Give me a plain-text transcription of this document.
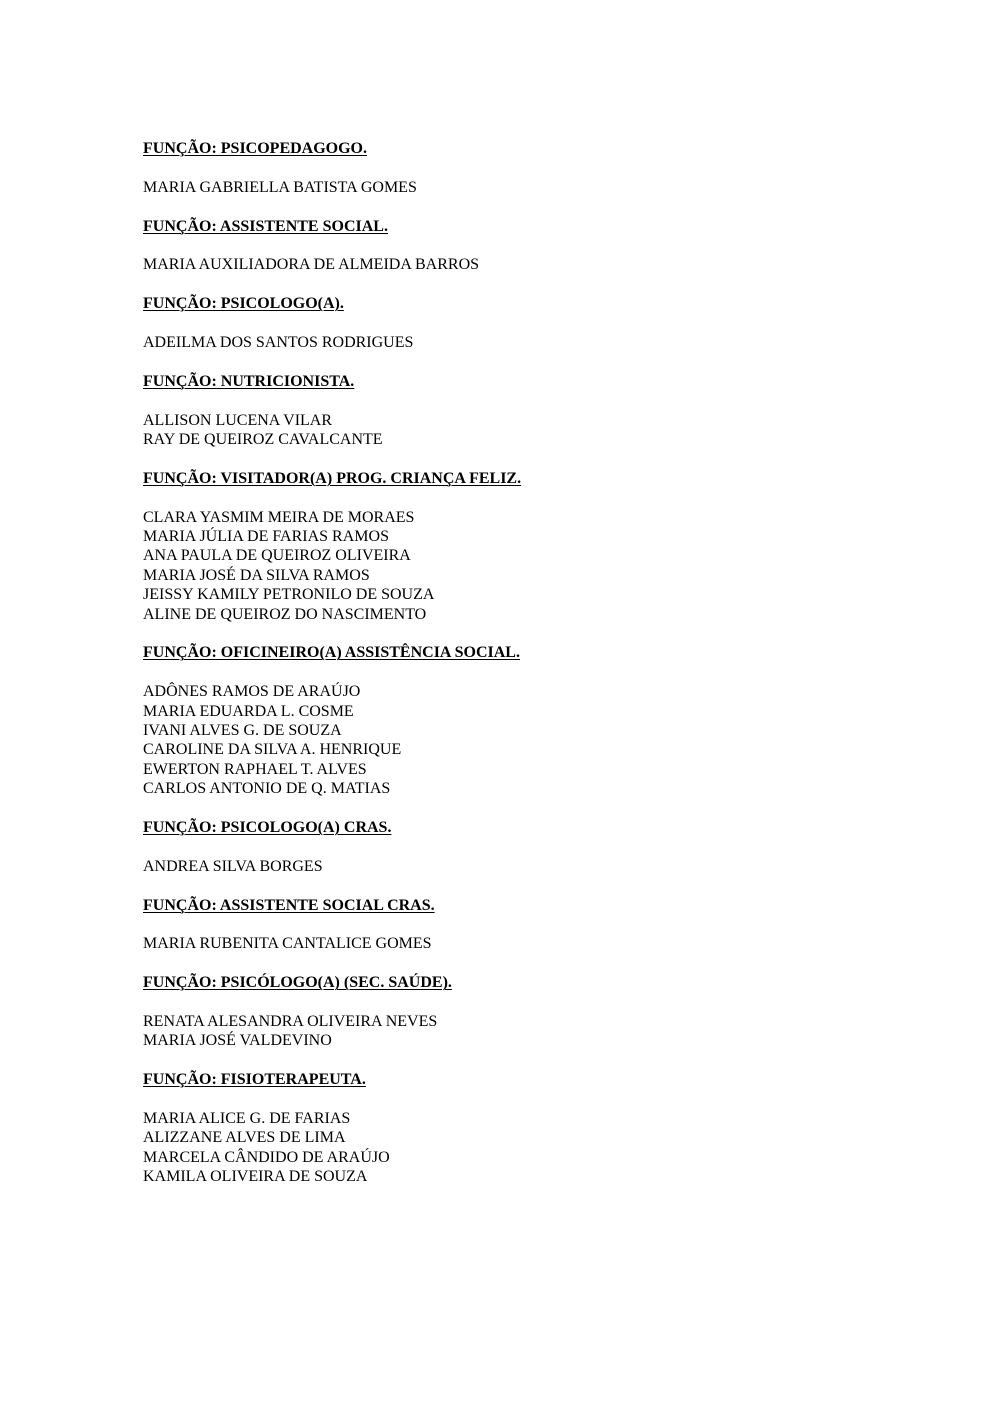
FUNÇÃO: PSICOPEDAGOGO.
MARIA GABRIELLA BATISTA GOMES
FUNÇÃO: ASSISTENTE SOCIAL.
MARIA AUXILIADORA DE ALMEIDA BARROS
FUNÇÃO: PSICOLOGO(A).
ADEILMA DOS SANTOS RODRIGUES
FUNÇÃO: NUTRICIONISTA.
ALLISON LUCENA VILAR
RAY DE QUEIROZ CAVALCANTE
FUNÇÃO: VISITADOR(A) PROG. CRIANÇA FELIZ.
CLARA YASMIM MEIRA DE MORAES
MARIA JÚLIA DE FARIAS RAMOS
ANA PAULA DE QUEIROZ OLIVEIRA
MARIA JOSÉ DA SILVA RAMOS
JEISSY KAMILY PETRONILO DE SOUZA
ALINE DE QUEIROZ DO NASCIMENTO
FUNÇÃO: OFICINEIRO(A) ASSISTÊNCIA SOCIAL.
ADÔNES RAMOS DE ARAÚJO
MARIA EDUARDA L. COSME
IVANI ALVES G. DE SOUZA
CAROLINE DA SILVA A. HENRIQUE
EWERTON RAPHAEL T. ALVES
CARLOS ANTONIO DE Q. MATIAS
FUNÇÃO: PSICOLOGO(A) CRAS.
ANDREA SILVA BORGES
FUNÇÃO: ASSISTENTE SOCIAL CRAS.
MARIA RUBENITA CANTALICE GOMES
FUNÇÃO: PSICÓLOGO(A) (SEC. SAÚDE).
RENATA ALESANDRA OLIVEIRA NEVES
MARIA JOSÉ VALDEVINO
FUNÇÃO: FISIOTERAPEUTA.
MARIA ALICE G. DE FARIAS
ALIZZANE ALVES DE LIMA
MARCELA CÂNDIDO DE ARAÚJO
KAMILA OLIVEIRA DE SOUZA
